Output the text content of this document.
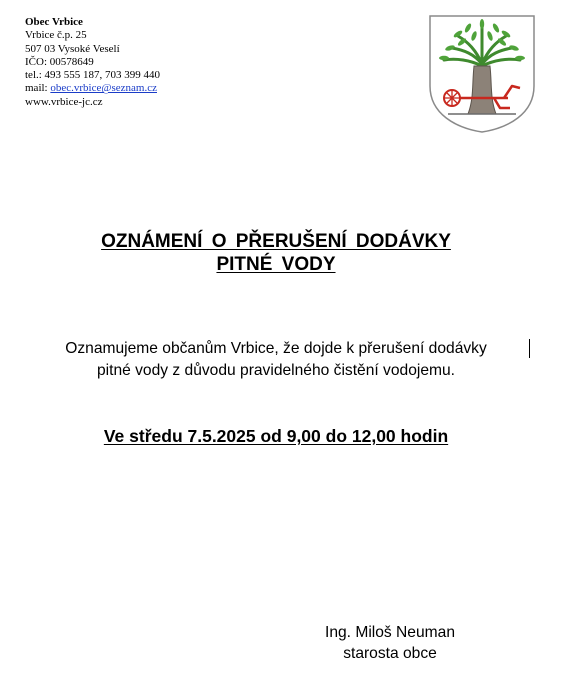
Obec Vrbice
Vrbice č.p. 25
507 03 Vysoké Veselí
IČO: 00578649
tel.: 493 555 187, 703 399 440
mail: obec.vrbice@seznam.cz
www.vrbice-jc.cz
OZNÁMENÍ O PŘERUŠENÍ DODÁVKY
PITNÉ VODY
Oznamujeme občanům Vrbice, že dojde k přerušení dodávky
pitné vody z důvodu pravidelného čistění vodojemu.
Ve středu 7.5.2025 od 9,00 do 12,00 hodin
Ing. Miloš Neuman
starosta obce
